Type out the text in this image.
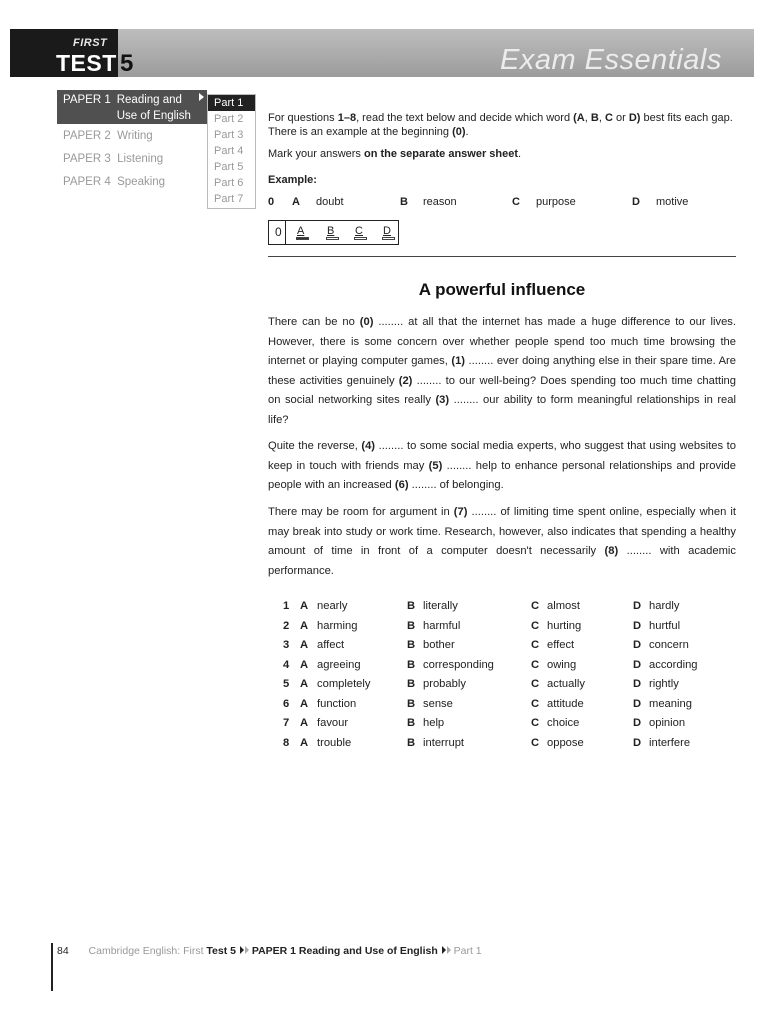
FIRST
TEST 5	Exam Essentials
PAPER 1 Reading and
Use of English
PAPER 2  Writing
PAPER 3  Listening
PAPER 4  Speaking
Part 1
Part 2
Part 3
Part 4
Part 5
Part 6
Part 7
For questions 1–8, read the text below and decide which word (A, B, C or D) best fits each gap. There is an example at the beginning (0).
Mark your answers on the separate answer sheet.
Example:
0 A doubt	B reason	C purpose	D motive
0 A B C D
A powerful influence
There can be no (0) ........ at all that the internet has made a huge difference to our lives. However, there is some concern over whether people spend too much time browsing the internet or playing computer games, (1) ........ ever doing anything else in their spare time. Are these activities genuinely (2) ........ to our well-being? Does spending too much time chatting on social networking sites really (3) ........ our ability to form meaningful relationships in real life?
Quite the reverse, (4) ........ to some social media experts, who suggest that using websites to keep in touch with friends may (5) ........ help to enhance personal relationships and provide people with an increased (6) ........ of belonging.
There may be room for argument in (7) ........ of limiting time spent online, especially when it may break into study or work time. Research, however, also indicates that spending a healthy amount of time in front of a computer doesn't necessarily (8) ........ with academic performance.
1 A nearly	B literally	C almost	D hardly
2 A harming	B harmful	C hurting	D hurtful
3 A affect	B bother	C effect	D concern
4 A agreeing	B corresponding	C owing	D according
5 A completely	B probably	C actually	D rightly
6 A function	B sense	C attitude	D meaning
7 A favour	B help	C choice	D opinion
8 A trouble	B interrupt	C oppose	D interfere
84 Cambridge English: First Test 5 PAPER 1 Reading and Use of English Part 1
